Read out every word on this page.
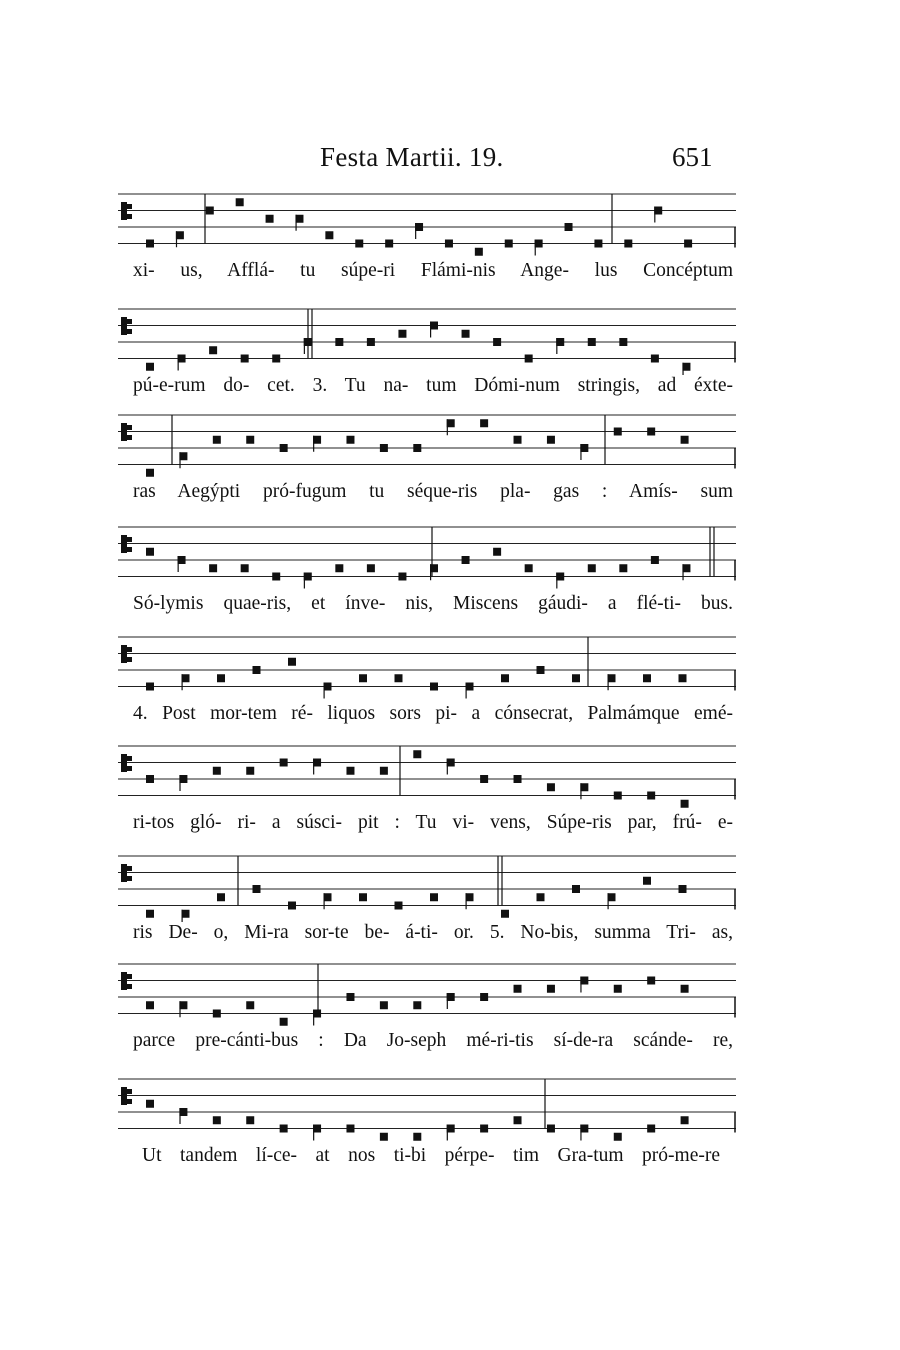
Festa Martii. 19.	651
xi- us, Afflá- tu súpe-ri Flámi-nis Ange- lus Concéptum
pú-e-rum do- cet. 3. Tu na- tum Dómi-num stringis, ad éxte-
ras Aegýpti pró-fugum tu séque-ris pla- gas : Amís- sum
Só-lymis quae-ris, et ínve- nis, Miscens gáudi- a flé-ti- bus.
4. Post mor-tem ré- liquos sors pi- a cónsecrat, Palmámque emé-
ri-tos gló- ri- a súsci- pit : Tu vi- vens, Súpe-ris par, frú- e-
ris De- o, Mi-ra sor-te be- á-ti- or. 5. No-bis, summa Tri- as,
parce pre-cánti-bus : Da Jo-seph mé-ri-tis sí-de-ra scánde- re,
Ut tandem lí-ce- at nos ti-bi pérpe- tim Gra-tum pró-me-re
